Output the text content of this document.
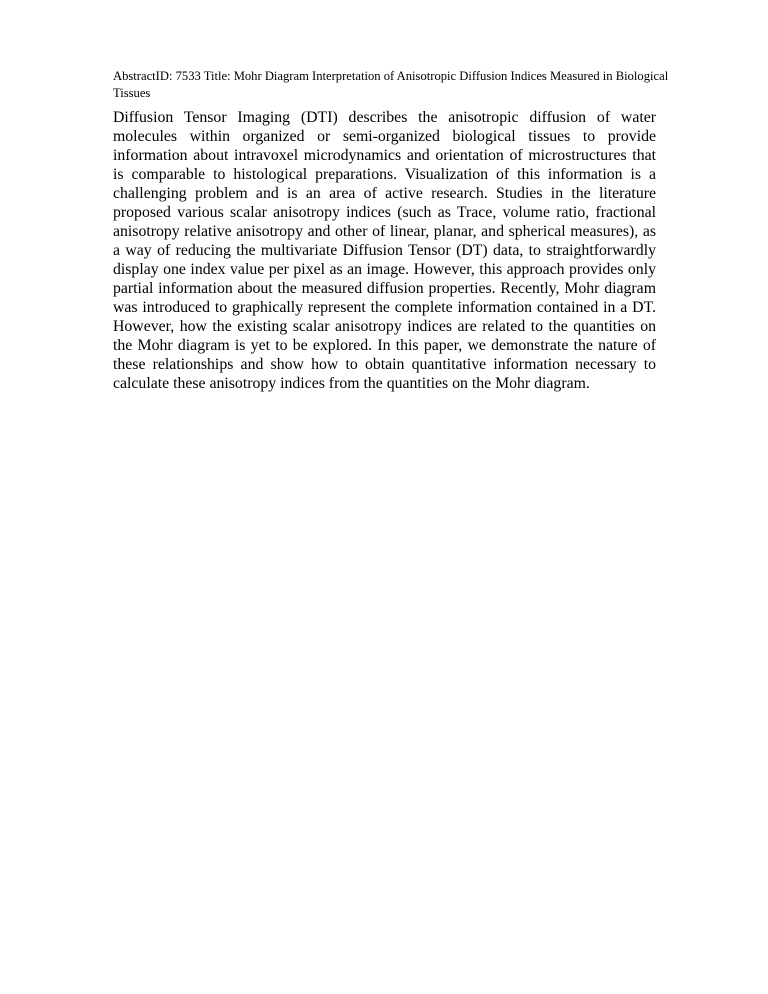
AbstractID: 7533 Title: Mohr Diagram Interpretation of Anisotropic Diffusion Indices Measured in Biological Tissues

Diffusion Tensor Imaging (DTI) describes the anisotropic diffusion of water molecules within organized or semi-organized biological tissues to provide information about intravoxel microdynamics and orientation of microstructures that is comparable to histological preparations. Visualization of this information is a challenging problem and is an area of active research. Studies in the literature proposed various scalar anisotropy indices (such as Trace, volume ratio, fractional anisotropy relative anisotropy and other of linear, planar, and spherical measures), as a way of reducing the multivariate Diffusion Tensor (DT) data, to straightforwardly display one index value per pixel as an image. However, this approach provides only partial information about the measured diffusion properties. Recently, Mohr diagram was introduced to graphically represent the complete information contained in a DT. However, how the existing scalar anisotropy indices are related to the quantities on the Mohr diagram is yet to be explored. In this paper, we demonstrate the nature of these relationships and show how to obtain quantitative information necessary to calculate these anisotropy indices from the quantities on the Mohr diagram.
